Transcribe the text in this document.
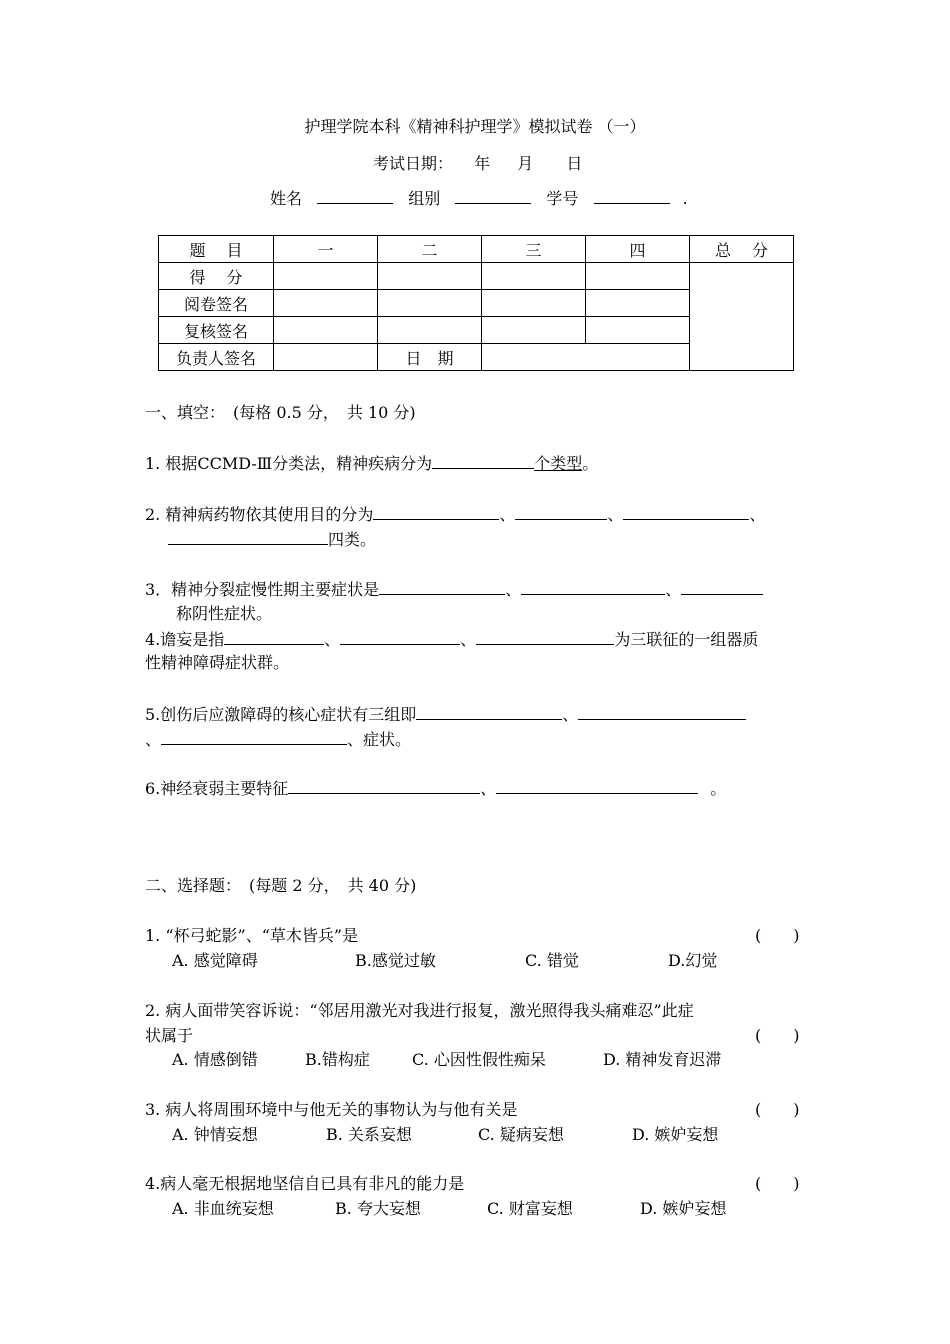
护理学院本科《精神科护理学》模拟试卷 （一）
考试日期： 年 月 日
姓名	组别	学号	.
题　 目	一	二	三	四	总　 分
得　 分					
阅卷签名					
复核签名					
负责人签名		日　期			
一、填空：　(每格 0.5 分，　共 10 分)
1. 根据CCMD-Ⅲ分类法，精神疾病分为	个类型。
2. 精神病药物依其使用目的分为	、	、	、
四类。
3．精神分裂症慢性期主要症状是	、	、
称阴性症状。
4.谵妄是指	、	、	为三联征的一组器质
性精神障碍症状群。
5.创伤后应激障碍的核心症状有三组即	、
、	、症状。
6.神经衰弱主要特征	、	。
二、选择题：　(每题 2 分，　共 40 分)
1. “杯弓蛇影”、“草木皆兵”是	(　　)
A. 感觉障碍	B.感觉过敏	C. 错觉	D.幻觉
2. 病人面带笑容诉说：“邻居用激光对我进行报复，激光照得我头痛难忍”此症
状属于	(　　)
A. 情感倒错	B.错构症	C. 心因性假性痴呆	D. 精神发育迟滞
3. 病人将周围环境中与他无关的事物认为与他有关是	(　　)
A. 钟情妄想	B. 关系妄想	C. 疑病妄想	D. 嫉妒妄想
4.病人毫无根据地坚信自已具有非凡的能力是	(　　)
A. 非血统妄想	B. 夸大妄想	C. 财富妄想	D. 嫉妒妄想
